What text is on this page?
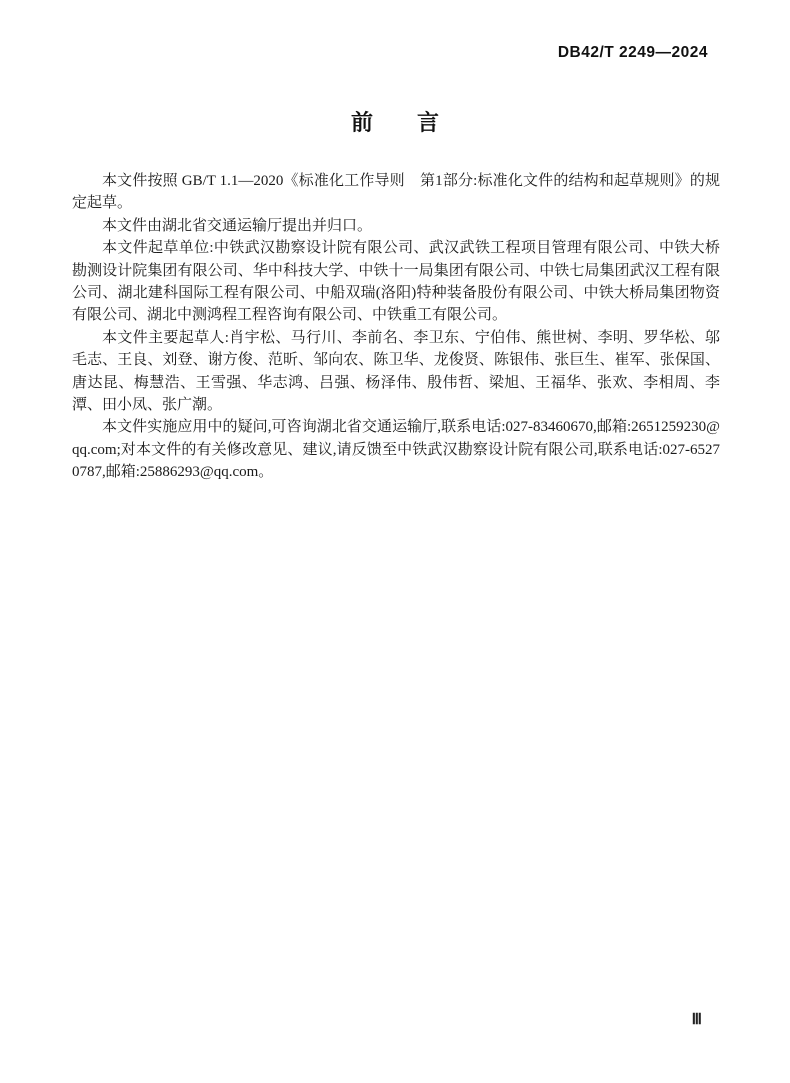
DB42/T 2249—2024
前　　言

本文件按照 GB/T 1.1—2020《标准化工作导则　第1部分:标准化文件的结构和起草规则》的规定起草。

本文件由湖北省交通运输厅提出并归口。

本文件起草单位:中铁武汉勘察设计院有限公司、武汉武铁工程项目管理有限公司、中铁大桥勘测设计院集团有限公司、华中科技大学、中铁十一局集团有限公司、中铁七局集团武汉工程有限公司、湖北建科国际工程有限公司、中船双瑞(洛阳)特种装备股份有限公司、中铁大桥局集团物资有限公司、湖北中测鸿程工程咨询有限公司、中铁重工有限公司。

本文件主要起草人:肖宇松、马行川、李前名、李卫东、宁伯伟、熊世树、李明、罗华松、邬毛志、王良、刘登、谢方俊、范昕、邹向农、陈卫华、龙俊贤、陈银伟、张巨生、崔军、张保国、唐达昆、梅慧浩、王雪强、华志鸿、吕强、杨泽伟、殷伟哲、梁旭、王福华、张欢、李相周、李潭、田小凤、张广潮。

本文件实施应用中的疑问,可咨询湖北省交通运输厅,联系电话:027-83460670,邮箱:2651259230@qq.com;对本文件的有关修改意见、建议,请反馈至中铁武汉勘察设计院有限公司,联系电话:027-65270787,邮箱:25886293@qq.com。

Ⅲ
